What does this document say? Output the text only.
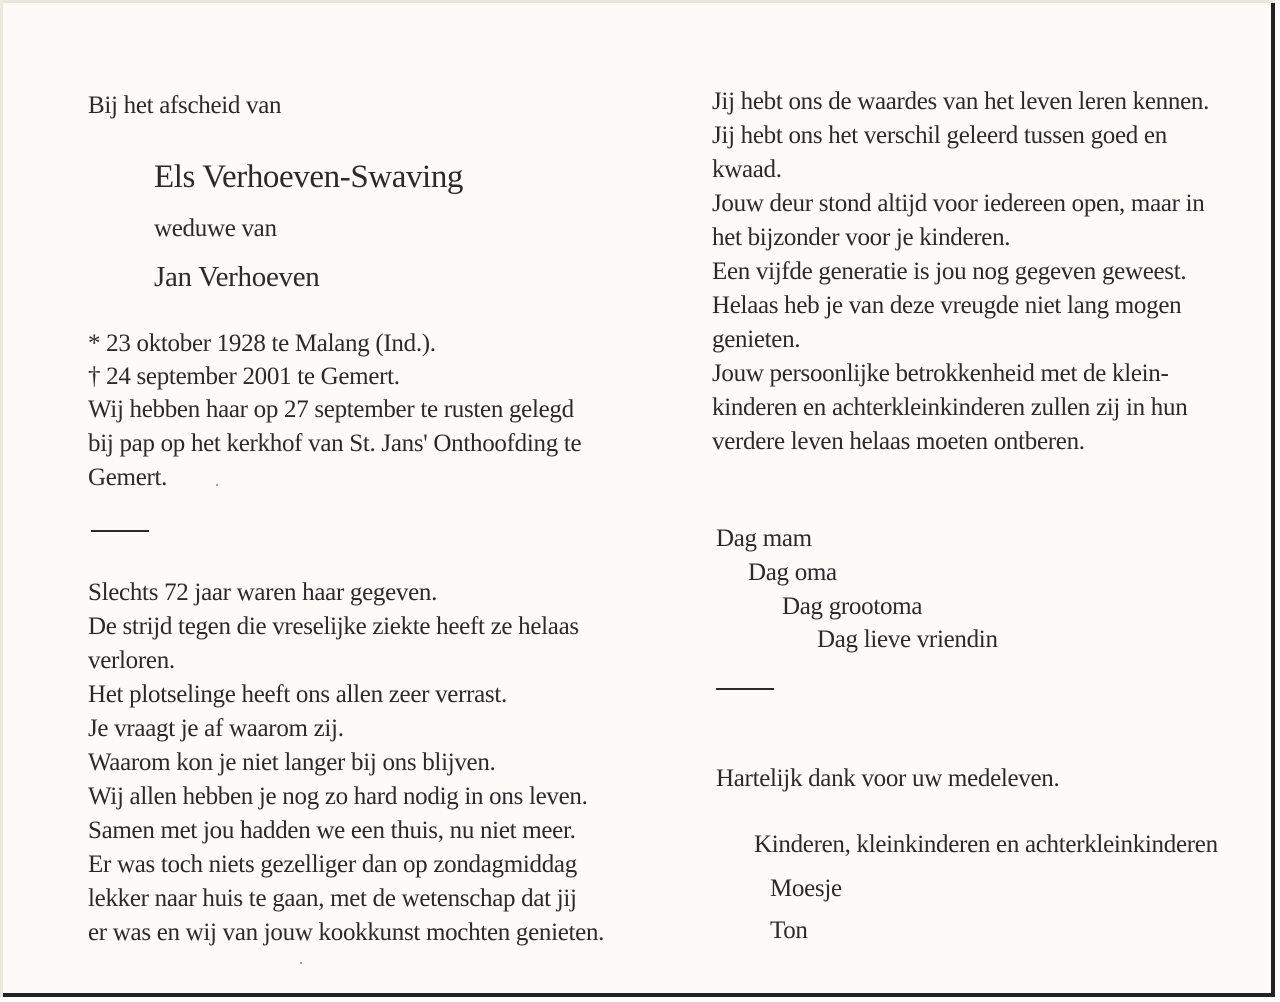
Bij het afscheid van

Els Verhoeven-Swaving

weduwe van

Jan Verhoeven

* 23 oktober 1928 te Malang (Ind.).

† 24 september 2001 te Gemert.

Wij hebben haar op 27 september te rusten gelegd
bij pap op het kerkhof van St. Jans' Onthoofding te
Gemert.
Slechts 72 jaar waren haar gegeven.
De strijd tegen die vreselijke ziekte heeft ze helaas
verloren.
Het plotselinge heeft ons allen zeer verrast.
Je vraagt je af waarom zij.
Waarom kon je niet langer bij ons blijven.
Wij allen hebben je nog zo hard nodig in ons leven.
Samen met jou hadden we een thuis, nu niet meer.
Er was toch niets gezelliger dan op zondagmiddag
lekker naar huis te gaan, met de wetenschap dat jij
er was en wij van jouw kookkunst mochten genieten.
Jij hebt ons de waardes van het leven leren kennen.
Jij hebt ons het verschil geleerd tussen goed en
kwaad.
Jouw deur stond altijd voor iedereen open, maar in
het bijzonder voor je kinderen.
Een vijfde generatie is jou nog gegeven geweest.
Helaas heb je van deze vreugde niet lang mogen
genieten.
Jouw persoonlijke betrokkenheid met de klein-
kinderen en achterkleinkinderen zullen zij in hun
verdere leven helaas moeten ontberen.

Dag mam

Dag oma

Dag grootoma

Dag lieve vriendin

Hartelijk dank voor uw medeleven.

Kinderen, kleinkinderen en achterkleinkinderen

Moesje

Ton
